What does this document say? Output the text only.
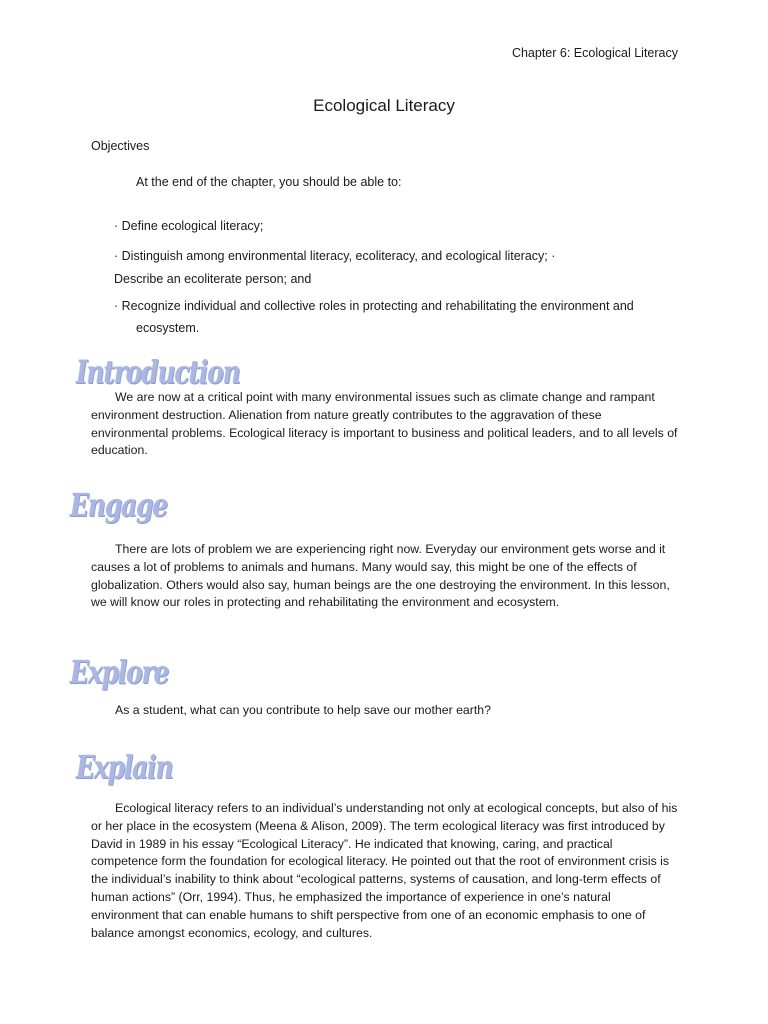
Chapter 6: Ecological Literacy
Ecological Literacy
Objectives
At the end of the chapter, you should be able to:
· Define ecological literacy;
· Distinguish among environmental literacy, ecoliteracy, and ecological literacy; ·
Describe an ecoliterate person; and
· Recognize individual and collective roles in protecting and rehabilitating the environment and
ecosystem.
Introduction
We are now at a critical point with many environmental issues such as climate change and rampant environment destruction. Alienation from nature greatly contributes to the aggravation of these environmental problems. Ecological literacy is important to business and political leaders, and to all levels of education.
Engage
There are lots of problem we are experiencing right now. Everyday our environment gets worse and it causes a lot of problems to animals and humans. Many would say, this might be one of the effects of globalization. Others would also say, human beings are the one destroying the environment. In this lesson, we will know our roles in protecting and rehabilitating the environment and ecosystem.
Explore
As a student, what can you contribute to help save our mother earth?
Explain
Ecological literacy refers to an individual’s understanding not only at ecological concepts, but also of his or her place in the ecosystem (Meena & Alison, 2009). The term ecological literacy was first introduced by David in 1989 in his essay “Ecological Literacy”. He indicated that knowing, caring, and practical competence form the foundation for ecological literacy. He pointed out that the root of environment crisis is the individual’s inability to think about “ecological patterns, systems of causation, and long-term effects of human actions” (Orr, 1994). Thus, he emphasized the importance of experience in one’s natural environment that can enable humans to shift perspective from one of an economic emphasis to one of balance amongst economics, ecology, and cultures.
